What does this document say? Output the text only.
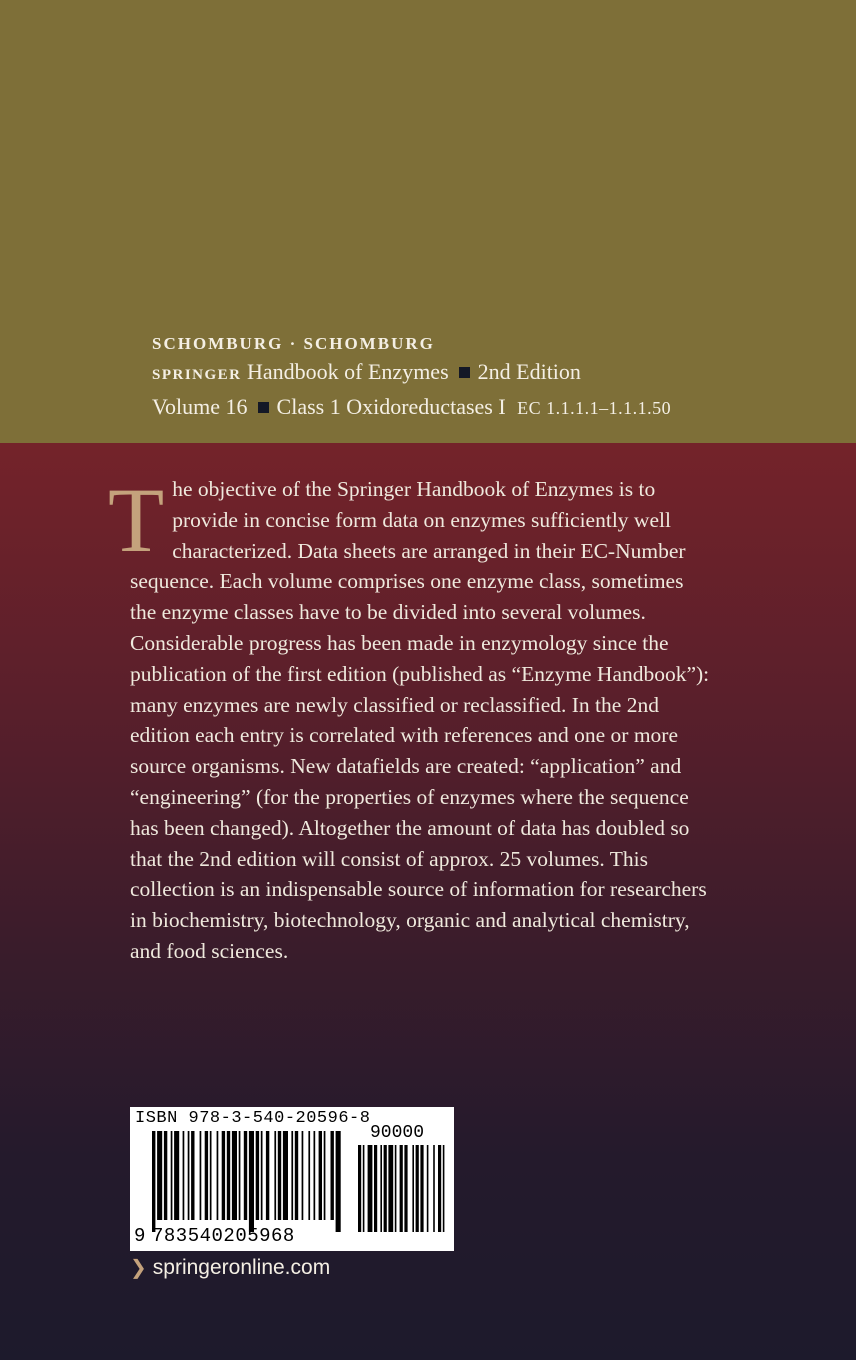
SCHOMBURG · SCHOMBURG
SPRINGER Handbook of Enzymes 2nd Edition
Volume 16 Class 1 Oxidoreductases I EC 1.1.1.1–1.1.1.50

The objective of the Springer Handbook of Enzymes is to provide in concise form data on enzymes sufficiently well characterized. Data sheets are arranged in their EC-Number sequence. Each volume comprises one enzyme class, sometimes the enzyme classes have to be divided into several volumes. Considerable progress has been made in enzymology since the publication of the first edition (published as “Enzyme Handbook”): many enzymes are newly classified or reclassified. In the 2nd edition each entry is correlated with references and one or more source organisms. New datafields are created: “application” and “engineering” (for the properties of enzymes where the sequence has been changed). Altogether the amount of data has doubled so that the 2nd edition will consist of approx. 25 volumes. This collection is an indispensable source of information for researchers in biochemistry, biotechnology, organic and analytical chemistry, and food sciences.

ISBN 978-3-540-20596-8
90000
9 783540205968
❯ springeronline.com
